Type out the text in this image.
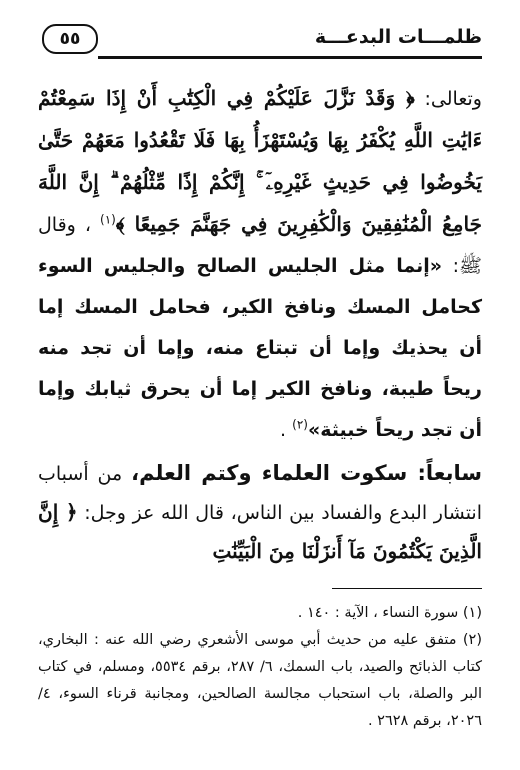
ظلمـــات البدعـــة
٥٥
وتعالى: ﴿ وَقَدْ نَزَّلَ عَلَيْكُمْ فِي الْكِتَٰبِ أَنْ إِذَا سَمِعْتُمْ ءَايَٰتِ اللَّهِ يُكْفَرُ بِهَا وَيُسْتَهْزَأُ بِهَا فَلَا تَقْعُدُوا مَعَهُمْ حَتَّىٰ يَخُوضُوا فِي حَدِيثٍ غَيْرِهِۦٓ ۚ إِنَّكُمْ إِذًا مِّثْلُهُمْ ۗ إِنَّ اللَّهَ جَامِعُ الْمُنَٰفِقِينَ وَالْكَٰفِرِينَ فِي جَهَنَّمَ جَمِيعًا ﴾$^{(١)}$ ، وقال ﷺ: «إنما مثل الجليس الصالح والجليس السوء كحامل المسك ونافخ الكير، فحامل المسك إما أن يحذيك وإما أن تبتاع منه، وإما أن تجد منه ريحاً طيبة، ونافخ الكير إما أن يحرق ثيابك وإما أن تجد ريحاً خبيثة»$^{(٢)}$ .
سابعاً: سكوت العلماء وكتم العلم، من أسباب انتشار البدع والفساد بين الناس، قال الله عز وجل: ﴿ إِنَّ الَّذِينَ يَكْتُمُونَ مَآ أَنزَلْنَا مِنَ الْبَيِّنَٰتِ

(١) سورة النساء ، الآية : ١٤٠ .

(٢) متفق عليه من حديث أبي موسى الأشعري رضي الله عنه : البخاري، كتاب الذبائح والصيد، باب السمك، ٦/ ٢٨٧، برقم ٥٥٣٤، ومسلم، في كتاب البر والصلة، باب استحباب مجالسة الصالحين، ومجانبة قرناء السوء، ٤/ ٢٠٢٦، برقم ٢٦٢٨ .
